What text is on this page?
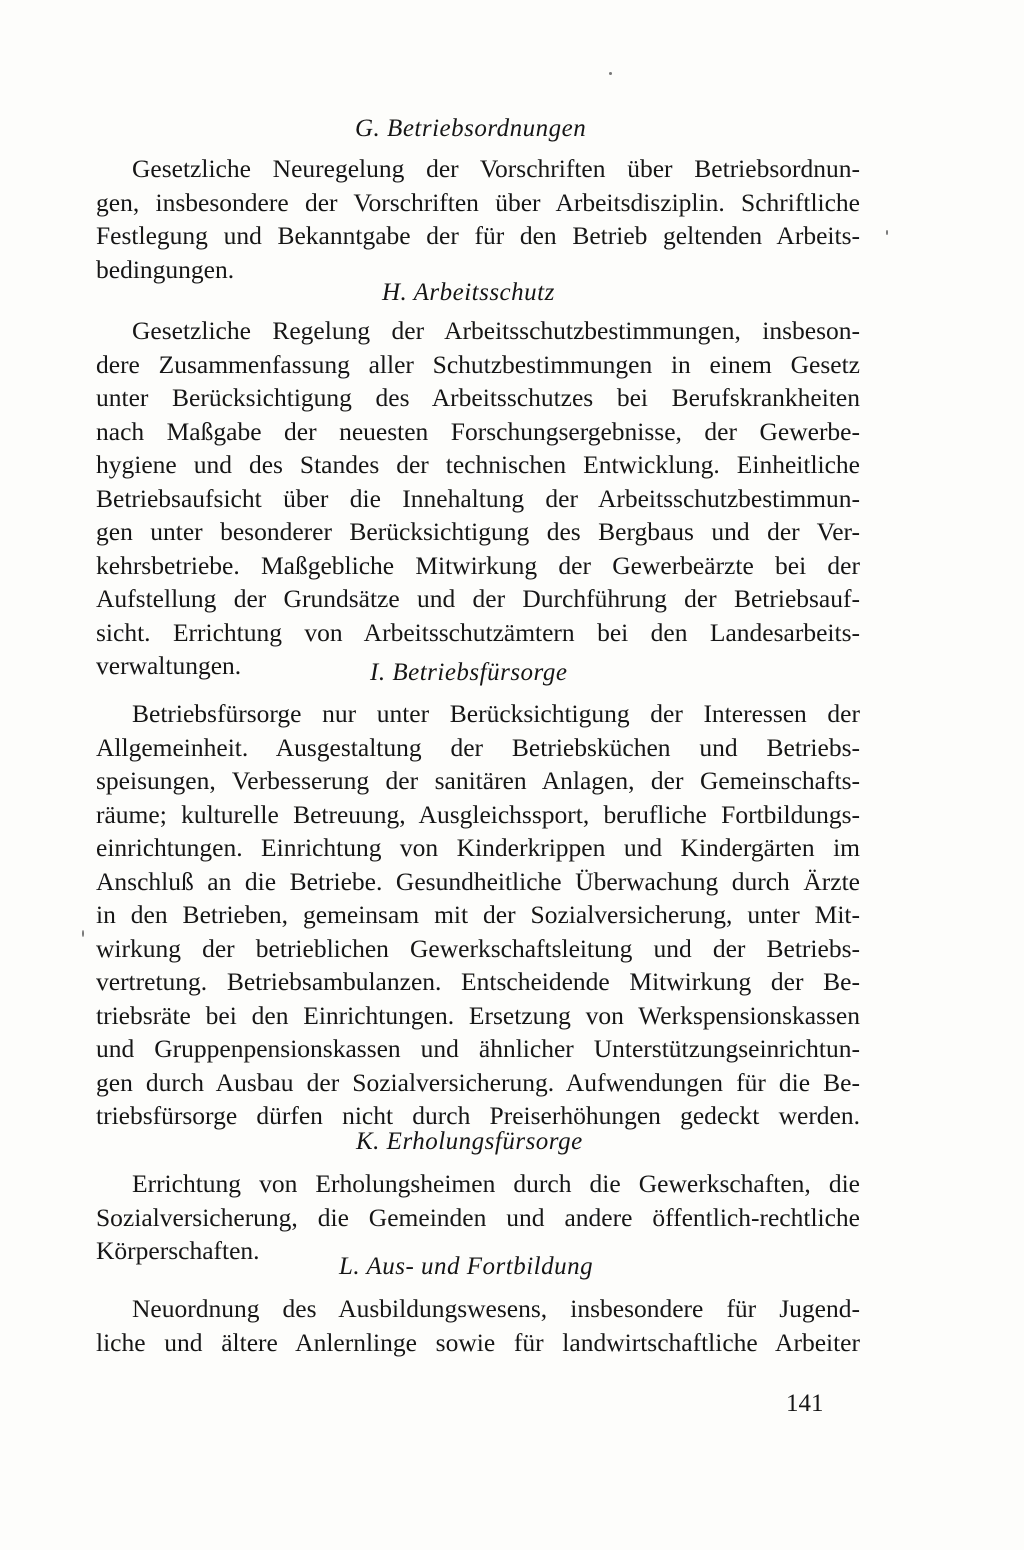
G. Betriebsordnungen
Gesetzliche Neuregelung der Vorschriften über Betriebsordnun-
gen, insbesondere der Vorschriften über Arbeitsdisziplin. Schriftliche
Festlegung und Bekanntgabe der für den Betrieb geltenden Arbeits-
bedingungen.
H. Arbeitsschutz
Gesetzliche Regelung der Arbeitsschutzbestimmungen, insbeson-
dere Zusammenfassung aller Schutzbestimmungen in einem Gesetz
unter Berücksichtigung des Arbeitsschutzes bei Berufskrankheiten
nach Maßgabe der neuesten Forschungsergebnisse, der Gewerbe-
hygiene und des Standes der technischen Entwicklung. Einheitliche
Betriebsaufsicht über die Innehaltung der Arbeitsschutzbestimmun-
gen unter besonderer Berücksichtigung des Bergbaus und der Ver-
kehrsbetriebe. Maßgebliche Mitwirkung der Gewerbeärzte bei der
Aufstellung der Grundsätze und der Durchführung der Betriebsauf-
sicht. Errichtung von Arbeitsschutzämtern bei den Landesarbeits-
verwaltungen.	I. Betriebsfürsorge
Betriebsfürsorge nur unter Berücksichtigung der Interessen der
Allgemeinheit. Ausgestaltung der Betriebsküchen und Betriebs-
speisungen, Verbesserung der sanitären Anlagen, der Gemeinschafts-
räume; kulturelle Betreuung, Ausgleichssport, berufliche Fortbildungs-
einrichtungen. Einrichtung von Kinderkrippen und Kindergärten im
Anschluß an die Betriebe. Gesundheitliche Überwachung durch Ärzte
in den Betrieben, gemeinsam mit der Sozialversicherung, unter Mit-
wirkung der betrieblichen Gewerkschaftsleitung und der Betriebs-
vertretung. Betriebsambulanzen. Entscheidende Mitwirkung der Be-
triebsräte bei den Einrichtungen. Ersetzung von Werkspensionskassen
und Gruppenpensionskassen und ähnlicher Unterstützungseinrichtun-
gen durch Ausbau der Sozialversicherung. Aufwendungen für die Be-
triebsfürsorge dürfen nicht durch Preiserhöhungen gedeckt werden.
K. Erholungsfürsorge
Errichtung von Erholungsheimen durch die Gewerkschaften, die
Sozialversicherung, die Gemeinden und andere öffentlich-rechtliche
Körperschaften.
L. Aus- und Fortbildung
Neuordnung des Ausbildungswesens, insbesondere für Jugend-
liche und ältere Anlernlinge sowie für landwirtschaftliche Arbeiter
141
